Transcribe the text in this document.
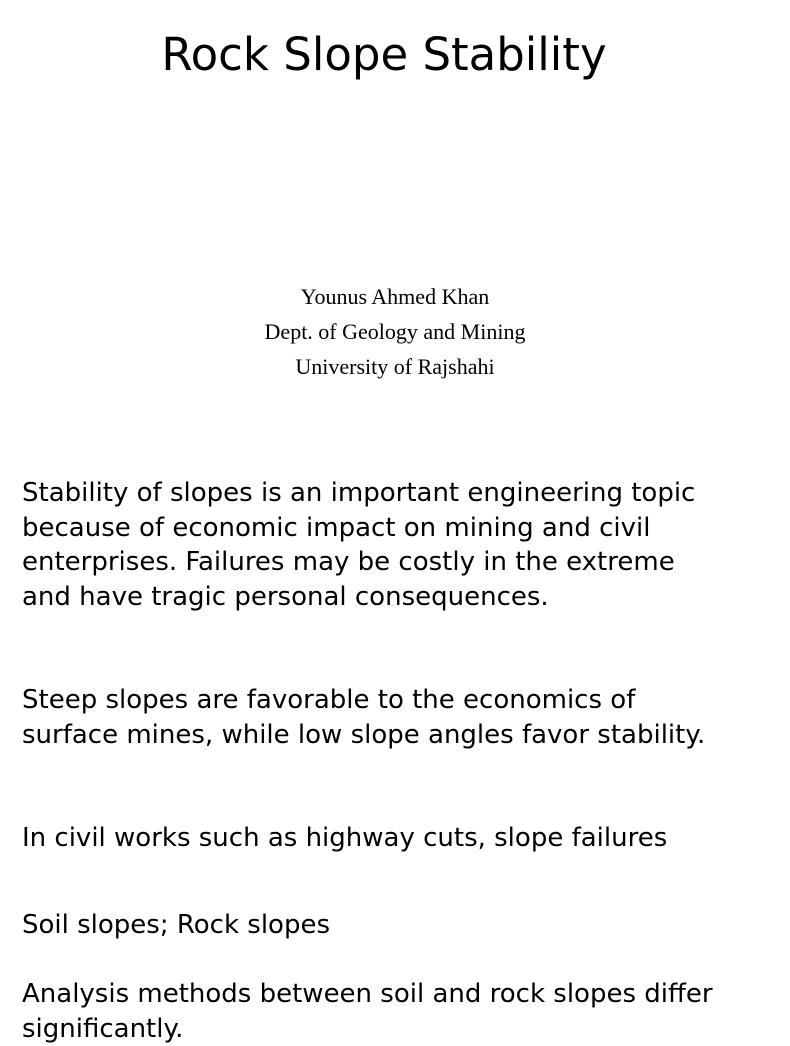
Rock Slope Stability
Younus Ahmed Khan
Dept. of Geology and Mining
University of Rajshahi

Stability of slopes is an important engineering topic because of economic impact on mining and civil enterprises. Failures may be costly in the extreme and have tragic personal consequences.

Steep slopes are favorable to the economics of surface mines, while low slope angles favor stability.

In civil works such as highway cuts, slope failures

Soil slopes; Rock slopes

Analysis methods between soil and rock slopes differ significantly.
